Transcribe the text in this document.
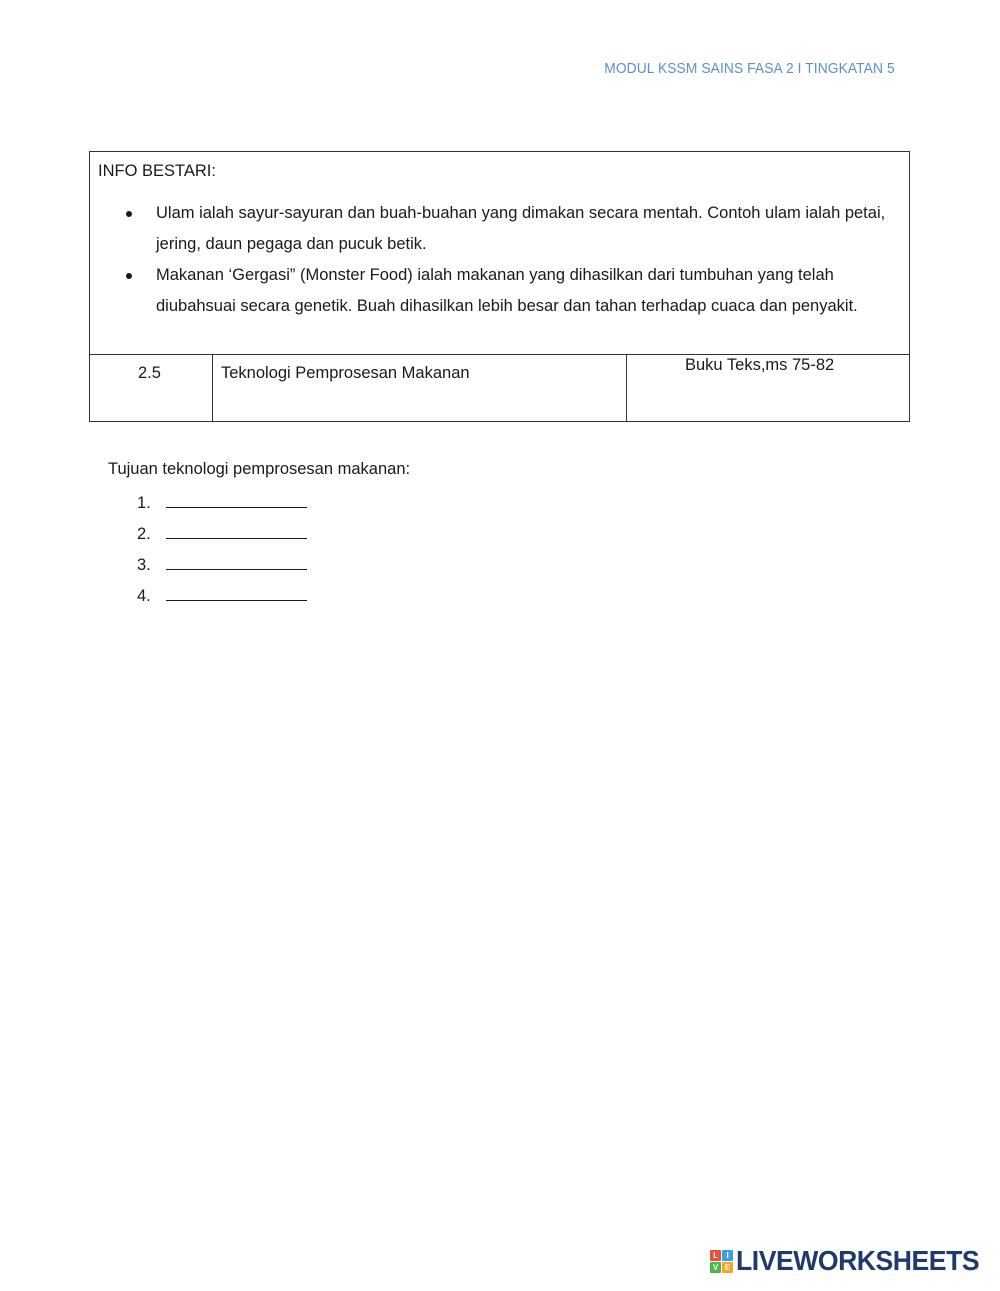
MODUL KSSM SAINS FASA 2 I TINGKATAN 5
INFO BESTARI:
Ulam ialah sayur-sayuran dan buah-buahan yang dimakan secara mentah. Contoh ulam ialah petai, jering, daun pegaga dan pucuk betik.
Makanan ‘Gergasi” (Monster Food) ialah makanan yang dihasilkan dari tumbuhan yang telah diubahsuai secara genetik. Buah dihasilkan lebih besar dan tahan terhadap cuaca dan penyakit.
2.5	Teknologi Pemprosesan Makanan	Buku Teks,ms 75-82
Tujuan teknologi pemprosesan makanan:
1.
2.
3.
4.
L	I
V E LIVEWORKSHEETS
